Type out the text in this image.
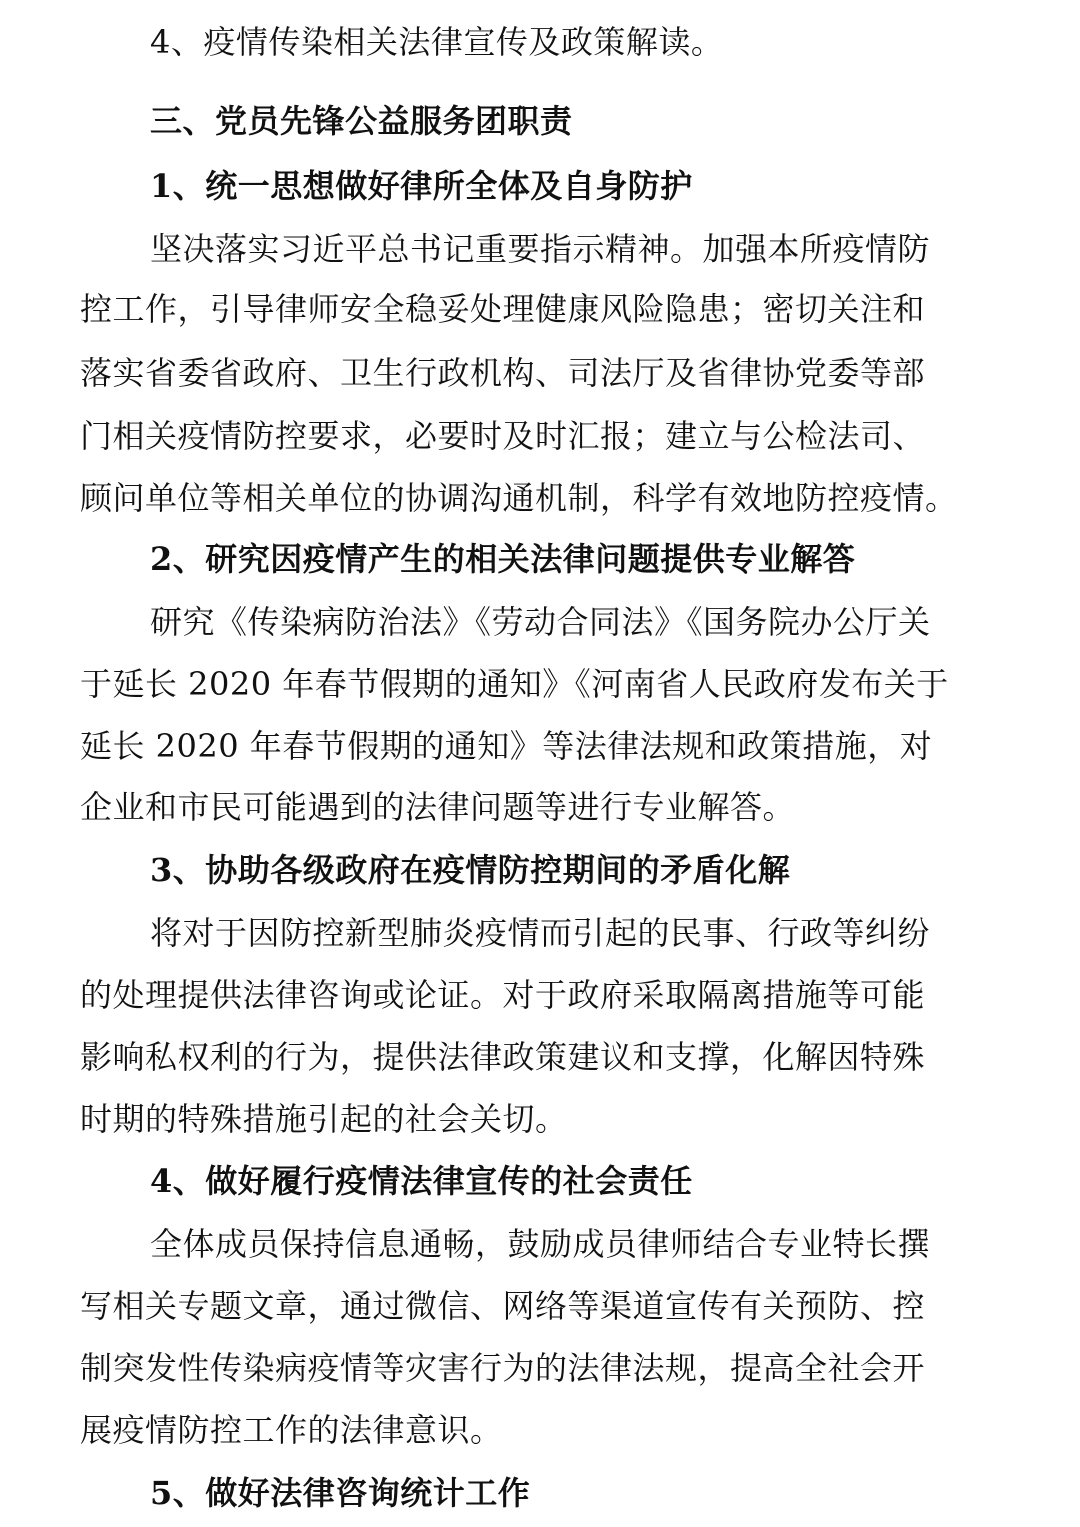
4、疫情传染相关法律宣传及政策解读。
三、党员先锋公益服务团职责
1、统一思想做好律所全体及自身防护
坚决落实习近平总书记重要指示精神。加强本所疫情防
控工作，引导律师安全稳妥处理健康风险隐患；密切关注和
落实省委省政府、卫生行政机构、司法厅及省律协党委等部
门相关疫情防控要求，必要时及时汇报；建立与公检法司、
顾问单位等相关单位的协调沟通机制，科学有效地防控疫情。
2、研究因疫情产生的相关法律问题提供专业解答
研究《传染病防治法》《劳动合同法》《国务院办公厅关
于延长 2020 年春节假期的通知》《河南省人民政府发布关于
延长 2020 年春节假期的通知》等法律法规和政策措施，对
企业和市民可能遇到的法律问题等进行专业解答。
3、协助各级政府在疫情防控期间的矛盾化解
将对于因防控新型肺炎疫情而引起的民事、行政等纠纷
的处理提供法律咨询或论证。对于政府采取隔离措施等可能
影响私权利的行为，提供法律政策建议和支撑，化解因特殊
时期的特殊措施引起的社会关切。
4、做好履行疫情法律宣传的社会责任
全体成员保持信息通畅，鼓励成员律师结合专业特长撰
写相关专题文章，通过微信、网络等渠道宣传有关预防、控
制突发性传染病疫情等灾害行为的法律法规，提高全社会开
展疫情防控工作的法律意识。
5、做好法律咨询统计工作
